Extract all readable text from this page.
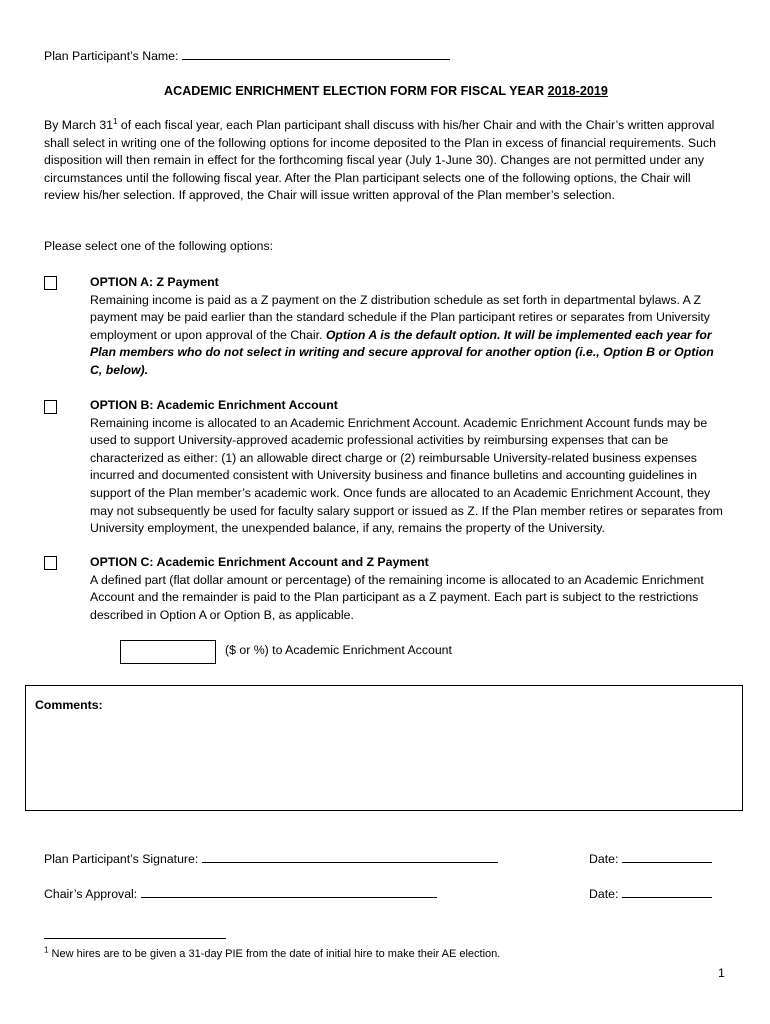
Plan Participant’s Name:
ACADEMIC ENRICHMENT ELECTION FORM FOR FISCAL YEAR 2018-2019

By March $31^1$ of each fiscal year, each Plan participant shall discuss with his/her Chair and with the Chair’s written approval shall select in writing one of the following options for income deposited to the Plan in excess of financial requirements. Such disposition will then remain in effect for the forthcoming fiscal year (July 1-June 30). Changes are not permitted under any circumstances until the following fiscal year. After the Plan participant selects one of the following options, the Chair will review his/her selection. If approved, the Chair will issue written approval of the Plan member’s selection.

Please select one of the following options:

OPTION A: Z Payment
Remaining income is paid as a Z payment on the Z distribution schedule as set forth in departmental bylaws. A Z payment may be paid earlier than the standard schedule if the Plan participant retires or separates from University employment or upon approval of the Chair. Option A is the default option. It will be implemented each year for Plan members who do not select in writing and secure approval for another option (i.e., Option B or Option C, below).

OPTION B: Academic Enrichment Account
Remaining income is allocated to an Academic Enrichment Account. Academic Enrichment Account funds may be used to support University-approved academic professional activities by reimbursing expenses that can be characterized as either: (1) an allowable direct charge or (2) reimbursable University-related business expenses incurred and documented consistent with University business and finance bulletins and accounting guidelines in support of the Plan member’s academic work. Once funds are allocated to an Academic Enrichment Account, they may not subsequently be used for faculty salary support or issued as Z. If the Plan member retires or separates from University employment, the unexpended balance, if any, remains the property of the University.

OPTION C: Academic Enrichment Account and Z Payment
A defined part (flat dollar amount or percentage) of the remaining income is allocated to an Academic Enrichment Account and the remainder is paid to the Plan participant as a Z payment. Each part is subject to the restrictions described in Option A or Option B, as applicable.

($ or %) to Academic Enrichment Account
Comments:
Plan Participant’s Signature:	Date:
Chair’s Approval:	Date:
$^1$ New hires are to be given a 31-day PIE from the date of initial hire to make their AE election.
1
